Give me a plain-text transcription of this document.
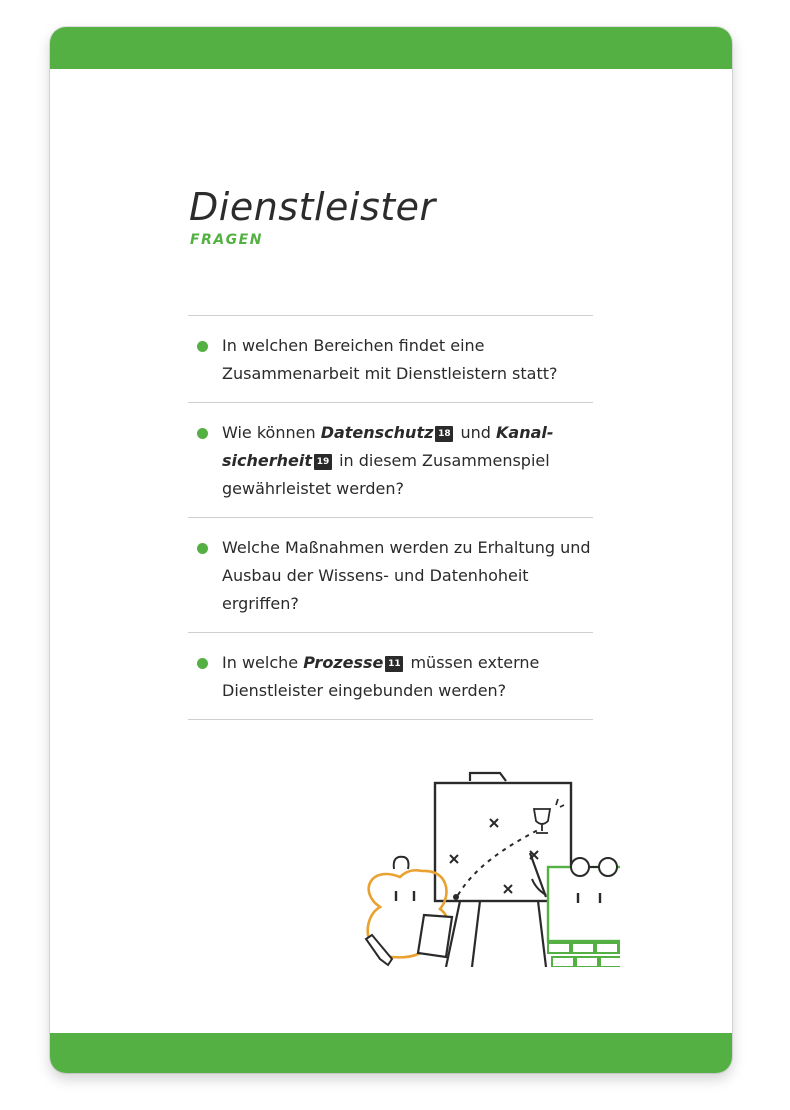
Dienstleister
FRAGEN
In welchen Bereichen findet eine Zusammenarbeit mit Dienstleistern statt?
Wie können Datenschutz 18 und Kanal-sicherheit 19 in diesem Zusammenspiel gewährleistet werden?
Welche Maßnahmen werden zu Erhaltung und Ausbau der Wissens- und Datenhoheit ergriffen?
In welche Prozesse 11 müssen externe Dienstleister eingebunden werden?
